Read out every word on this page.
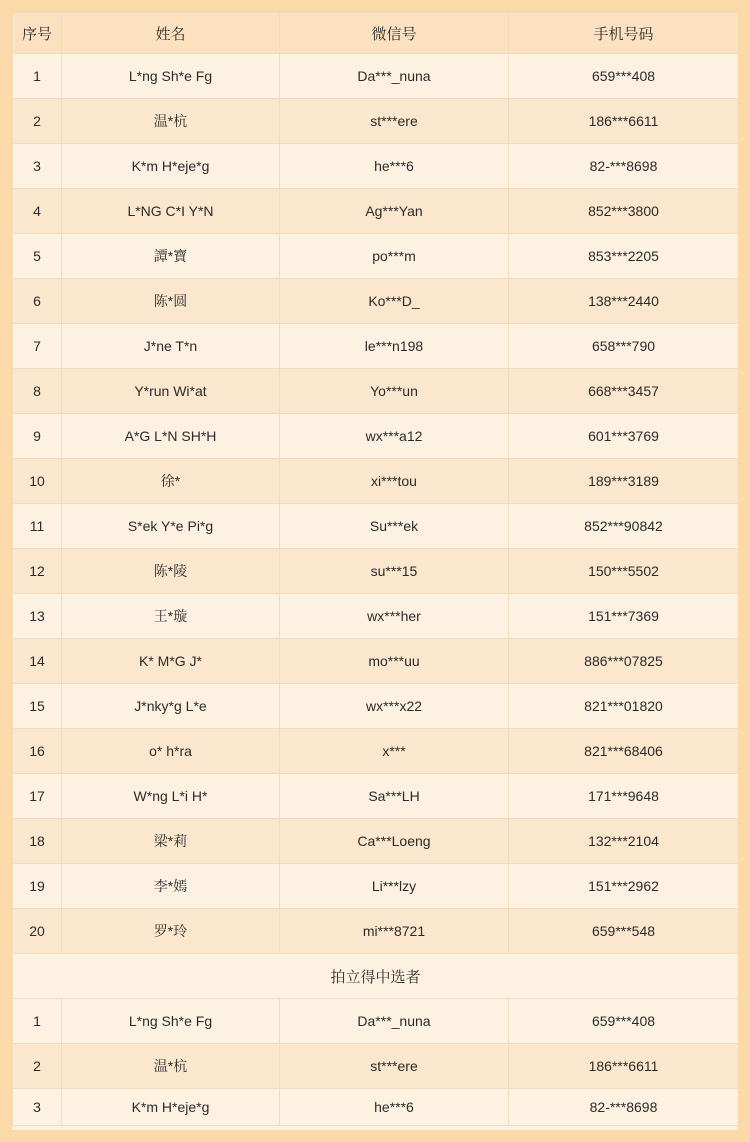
序号	姓名	微信号	手机号码
1	L*ng Sh*e Fg	Da***_nuna	659***408
2	温*杭	st***ere	186***6611
3	K*m H*eje*g	he***6	82-***8698
4	L*NG C*I Y*N	Ag***Yan	852***3800
5	譚*寶	po***m	853***2205
6	陈*圆	Ko***D_	138***2440
7	J*ne T*n	le***n198	658***790
8	Y*run Wi*at	Yo***un	668***3457
9	A*G L*N SH*H	wx***a12	601***3769
10	徐*	xi***tou	189***3189
11	S*ek Y*e Pi*g	Su***ek	852***90842
12	陈*陵	su***15	150***5502
13	王*璇	wx***her	151***7369
14	K* M*G J*	mo***uu	886***07825
15	J*nky*g L*e	wx***x22	821***01820
16	o* h*ra	x***	821***68406
17	W*ng L*i H*	Sa***LH	171***9648
18	梁*莉	Ca***Loeng	132***2104
19	李*嫣	Li***lzy	151***2962
20	罗*玲	mi***8721	659***548
拍立得中选者			
1	L*ng Sh*e Fg	Da***_nuna	659***408
2	温*杭	st***ere	186***6611
3	K*m H*eje*g	he***6	82-***8698
